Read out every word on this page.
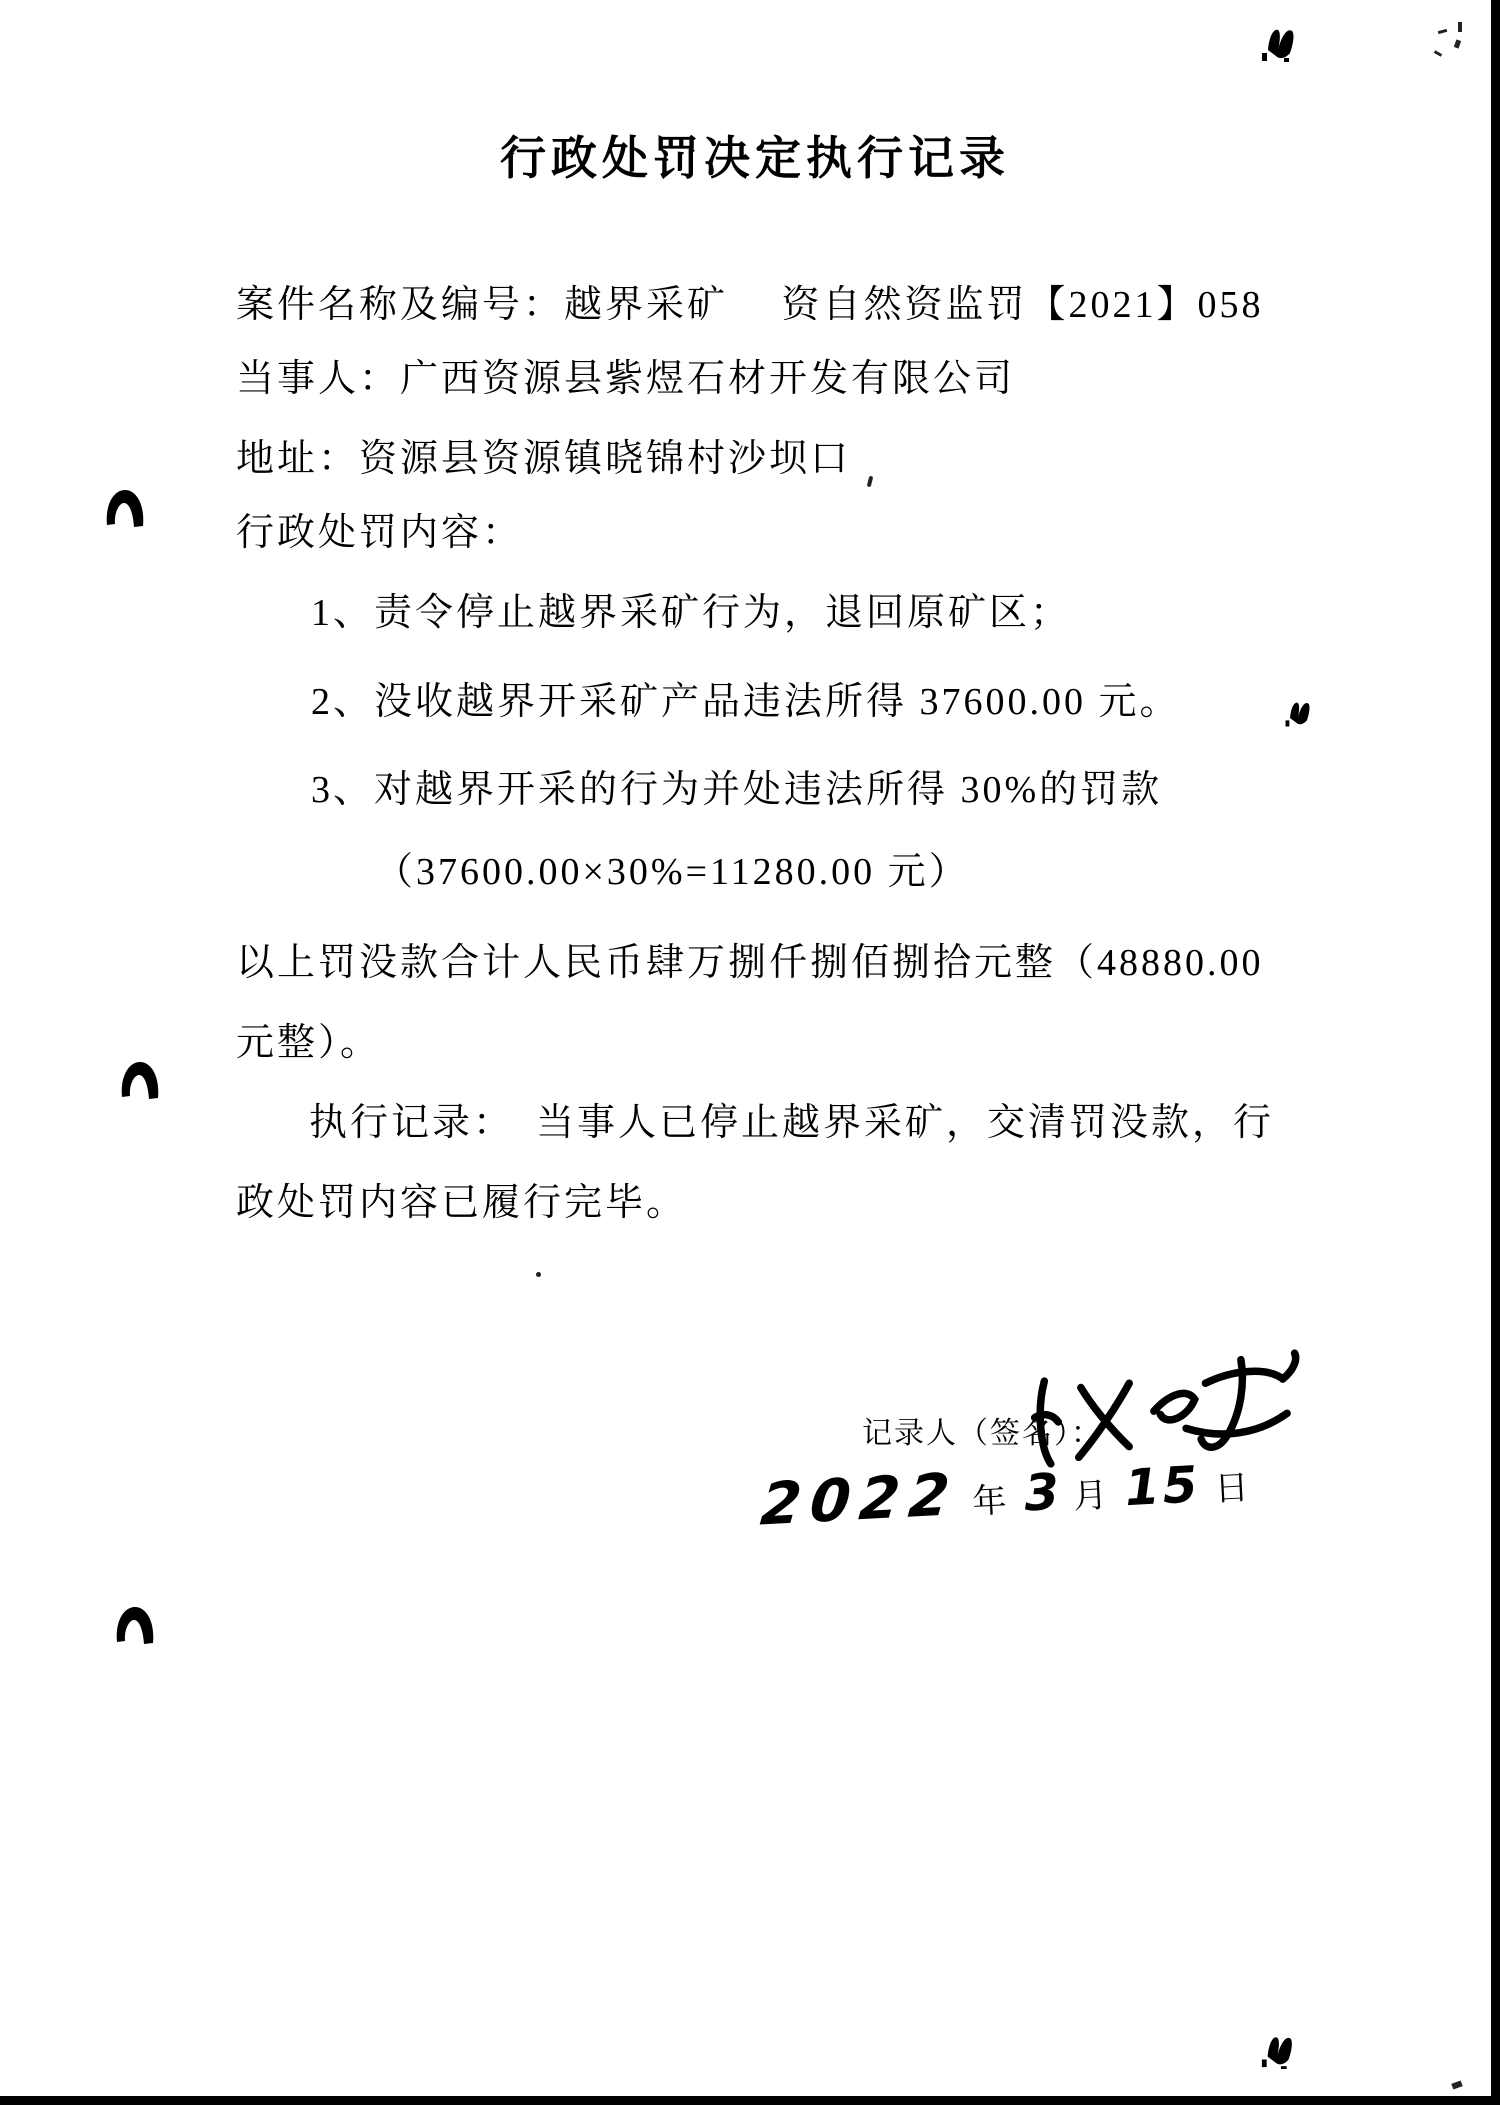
行政处罚决定执行记录
案件名称及编号：越界采矿　 资自然资监罚【2021】058
当事人：广西资源县紫煜石材开发有限公司
地址：资源县资源镇晓锦村沙坝口
行政处罚内容：
1、责令停止越界采矿行为，退回原矿区；
2、没收越界开采矿产品违法所得 37600.00 元。
3、对越界开采的行为并处违法所得 30%的罚款
（37600.00×30%=11280.00 元）
以上罚没款合计人民币肆万捌仟捌佰捌拾元整（48880.00
元整）。
执行记录：　当事人已停止越界采矿，交清罚没款，行
政处罚内容已履行完毕。
记录人（签名）：
2022 年 3 月 15 日
